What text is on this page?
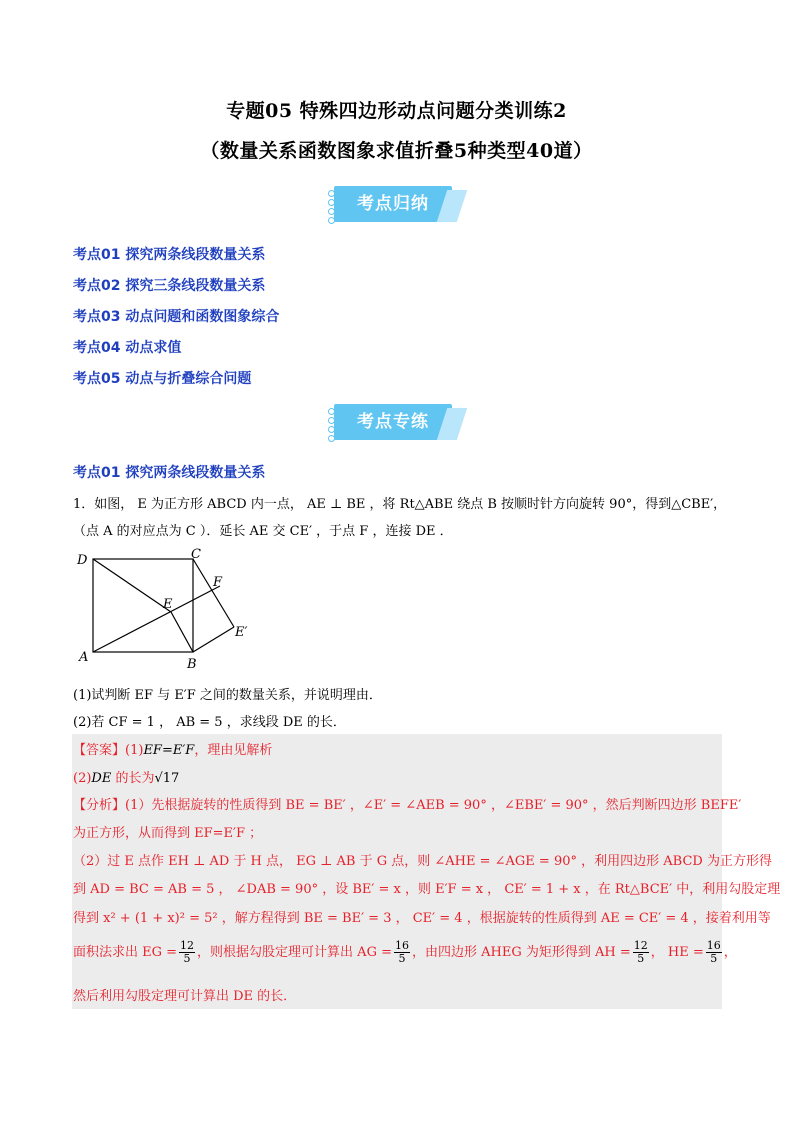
专题05 特殊四边形动点问题分类训练2
（数量关系函数图象求值折叠5种类型40道）
考点归纳
考点01 探究两条线段数量关系
考点02 探究三条线段数量关系
考点03 动点问题和函数图象综合
考点04 动点求值
考点05 动点与折叠综合问题
考点专练
考点01 探究两条线段数量关系
1．如图， E 为正方形 ABCD 内一点， AE ⊥ BE ，将 Rt△ABE 绕点 B 按顺时针方向旋转 90°，得到△CBE′，
（点 A 的对应点为 C ）．延长 AE 交 CE′ ，于点 F ，连接 DE ．
D	C
F
E
E′
A	B
(1)试判断 EF 与 E′F 之间的数量关系，并说明理由．
(2)若 CF = 1 ， AB = 5 ，求线段 DE 的长．
【答案】(1)EF=E′F，理由见解析
(2)DE 的长为√17
【分析】(1）先根据旋转的性质得到 BE = BE′ ，∠E′ = ∠AEB = 90° ，∠EBE′ = 90° ，然后判断四边形 BEFE′
为正方形，从而得到 EF=E′F ；
（2）过 E 点作 EH ⊥ AD 于 H 点， EG ⊥ AB 于 G 点，则 ∠AHE = ∠AGE = 90° ，利用四边形 ABCD 为正方形得
到 AD = BC = AB = 5 ， ∠DAB = 90° ，设 BE′ = x ，则 E′F = x ， CE′ = 1 + x ，在 Rt△BCE′ 中，利用勾股定理
得到 x² + (1 + x)² = 5² ，解方程得到 BE = BE′ = 3 ， CE′ = 4 ，根据旋转的性质得到 AE = CE′ = 4 ，接着利用等
面积法求出 EG = $\frac{12}{5}$ ，则根据勾股定理可计算出 AG = $\frac{16}{5}$ ，由四边形 AHEG 为矩形得到 AH = $\frac{12}{5}$ ， HE = $\frac{16}{5}$ ，
然后利用勾股定理可计算出 DE 的长．
